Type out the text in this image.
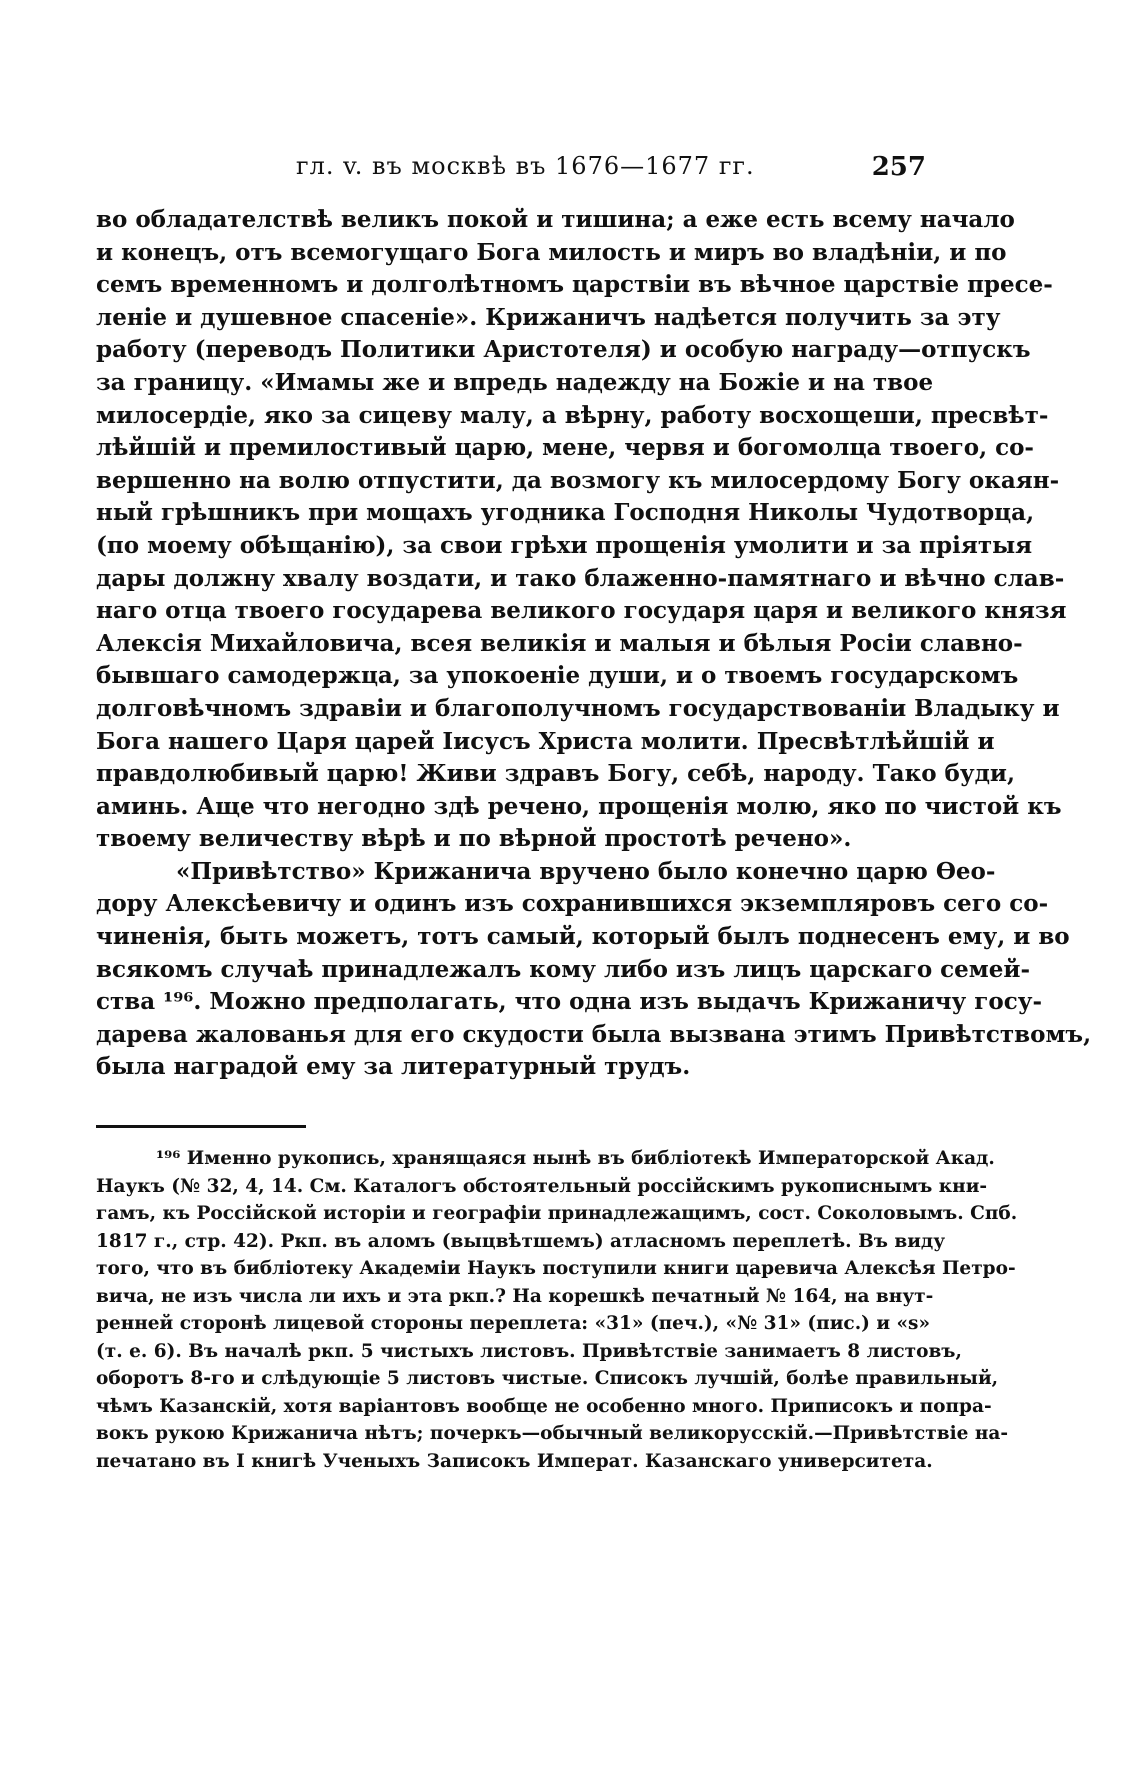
гл. v. въ москвѣ въ 1676—1677 гг.	257
во обладателствѣ великъ покой и тишина; а еже есть всему начало
и конецъ, отъ всемогущаго Бога милость и миръ во владѣніи, и по
семъ временномъ и долголѣтномъ царствіи въ вѣчное царствіе пресе-
леніе и душевное спасеніе». Крижаничъ надѣется получить за эту
работу (переводъ Политики Аристотеля) и особую награду—отпускъ
за границу. «Имамы же и впредь надежду на Божіе и на твое
милосердіе, яко за сицеву малу, а вѣрну, работу восхощеши, пресвѣт-
лѣйшій и премилостивый царю, мене, червя и богомолца твоего, со-
вершенно на волю отпустити, да возмогу къ милосердому Богу окаян-
ный грѣшникъ при мощахъ угодника Господня Николы Чудотворца,
(по моему обѣщанію), за свои грѣхи прощенія умолити и за пріятыя
дары должну хвалу воздати, и тако блаженно-памятнаго и вѣчно слав-
наго отца твоего государева великого государя царя и великого князя
Алексія Михайловича, всея великія и малыя и бѣлыя Росіи славно-
бывшаго самодержца, за упокоеніе души, и о твоемъ государскомъ
долговѣчномъ здравіи и благополучномъ государствованіи Владыку и
Бога нашего Царя царей Іисусъ Христа молити. Пресвѣтлѣйшій и
правдолюбивый царю! Живи здравъ Богу, себѣ, народу. Тако буди,
аминь. Аще что негодно здѣ речено, прощенія молю, яко по чистой къ
твоему величеству вѣрѣ и по вѣрной простотѣ речено».
«Привѣтство» Крижанича вручено было конечно царю Өео-
дору Алексѣевичу и одинъ изъ сохранившихся экземпляровъ сего со-
чиненія, быть можетъ, тотъ самый, который былъ поднесенъ ему, и во
всякомъ случаѣ принадлежалъ кому либо изъ лицъ царскаго семей-
ства ¹⁹⁶. Можно предполагать, что одна изъ выдачъ Крижаничу госу-
дарева жалованья для его скудости была вызвана этимъ Привѣтствомъ,
была наградой ему за литературный трудъ.
¹⁹⁶ Именно рукопись, хранящаяся нынѣ въ библіотекѣ Императорской Акад.
Наукъ (№ 32, 4, 14. См. Каталогъ обстоятельный россійскимъ рукописнымъ кни-
гамъ, къ Россійской исторіи и географіи принадлежащимъ, сост. Соколовымъ. Спб.
1817 г., стр. 42). Ркп. въ аломъ (выцвѣтшемъ) атласномъ переплетѣ. Въ виду
того, что въ библіотеку Академіи Наукъ поступили книги царевича Алексѣя Петро-
вича, не изъ числа ли ихъ и эта ркп.? На корешкѣ печатный № 164, на внут-
ренней сторонѣ лицевой стороны переплета: «31» (печ.), «№ 31» (пис.) и «ѕ»
(т. е. 6). Въ началѣ ркп. 5 чистыхъ листовъ. Привѣтствіе занимаетъ 8 листовъ,
оборотъ 8-го и слѣдующіе 5 листовъ чистые. Списокъ лучшій, болѣе правильный,
чѣмъ Казанскій, хотя варіантовъ вообще не особенно много. Приписокъ и попра-
вокъ рукою Крижанича нѣтъ; почеркъ—обычный великорусскій.—Привѣтствіе на-
печатано въ I книгѣ Ученыхъ Записокъ Императ. Казанскаго университета.
